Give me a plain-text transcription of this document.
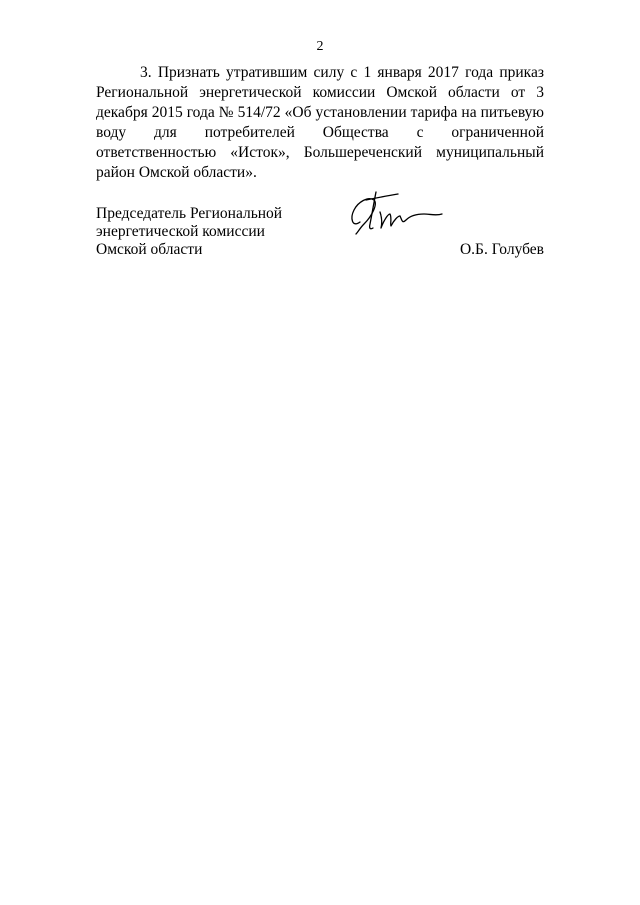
2

3. Признать утратившим силу с 1 января 2017 года приказ Региональной энергетической комиссии Омской области от 3 декабря 2015 года № 514/72 «Об установлении тарифа на питьевую воду для потребителей Общества с ограниченной ответственностью «Исток», Большереченский муниципальный район Омской области».

Председатель Региональной
энергетической комиссии
Омской области	О.Б. Голубев
